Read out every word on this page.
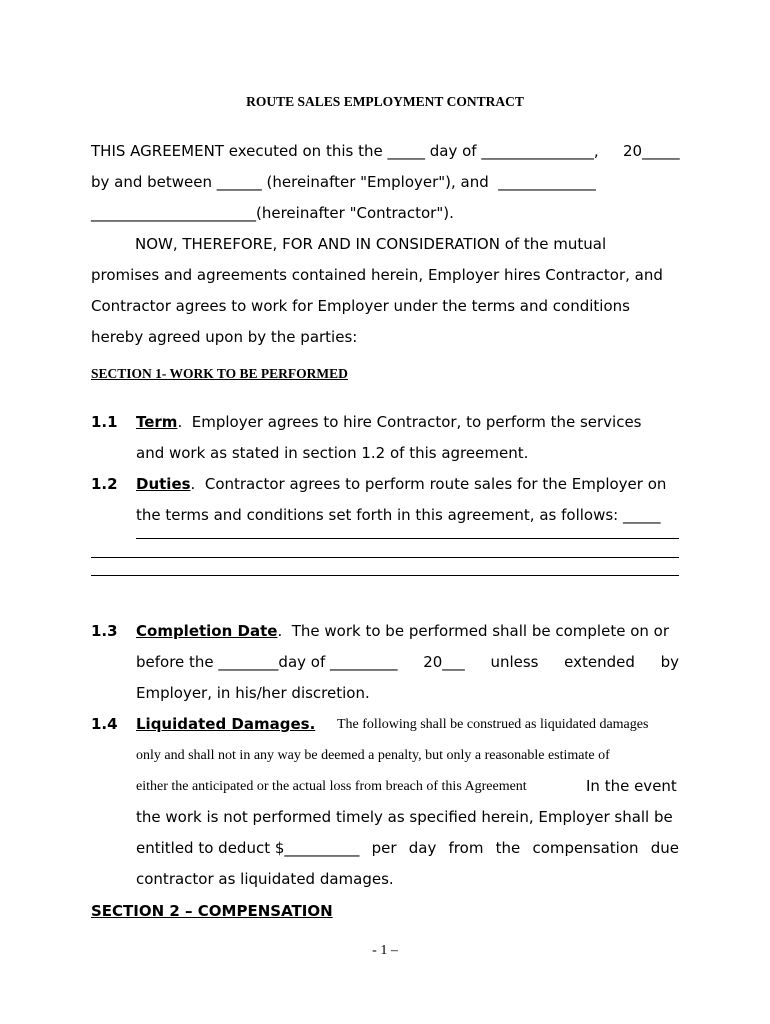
ROUTE SALES EMPLOYMENT CONTRACT
THIS AGREEMENT executed on this the _____ day of _______________, 20_____
by and between ______ (hereinafter "Employer"), and  _____________
______________________(hereinafter "Contractor").
NOW, THEREFORE, FOR AND IN CONSIDERATION of the mutual
promises and agreements contained herein, Employer hires Contractor, and
Contractor agrees to work for Employer under the terms and conditions
hereby agreed upon by the parties:
SECTION 1- WORK TO BE PERFORMED
1.1 Term.  Employer agrees to hire Contractor, to perform the services
and work as stated in section 1.2 of this agreement.
1.2 Duties.  Contractor agrees to perform route sales for the Employer on
the terms and conditions set forth in this agreement, as follows: _____
1.3 Completion Date.  The work to be performed shall be complete on or
before the ________day of _________ 20___ unless extended by
Employer, in his/her discretion.
1.4 Liquidated Damages. The following shall be construed as liquidated damages
only and shall not in any way be deemed a penalty, but only a reasonable estimate of
either the anticipated or the actual loss from breach of this Agreement	In the event
the work is not performed timely as specified herein, Employer shall be
entitled to deduct $__________ per day from the compensation due
contractor as liquidated damages.
SECTION 2 – COMPENSATION
- 1 –
